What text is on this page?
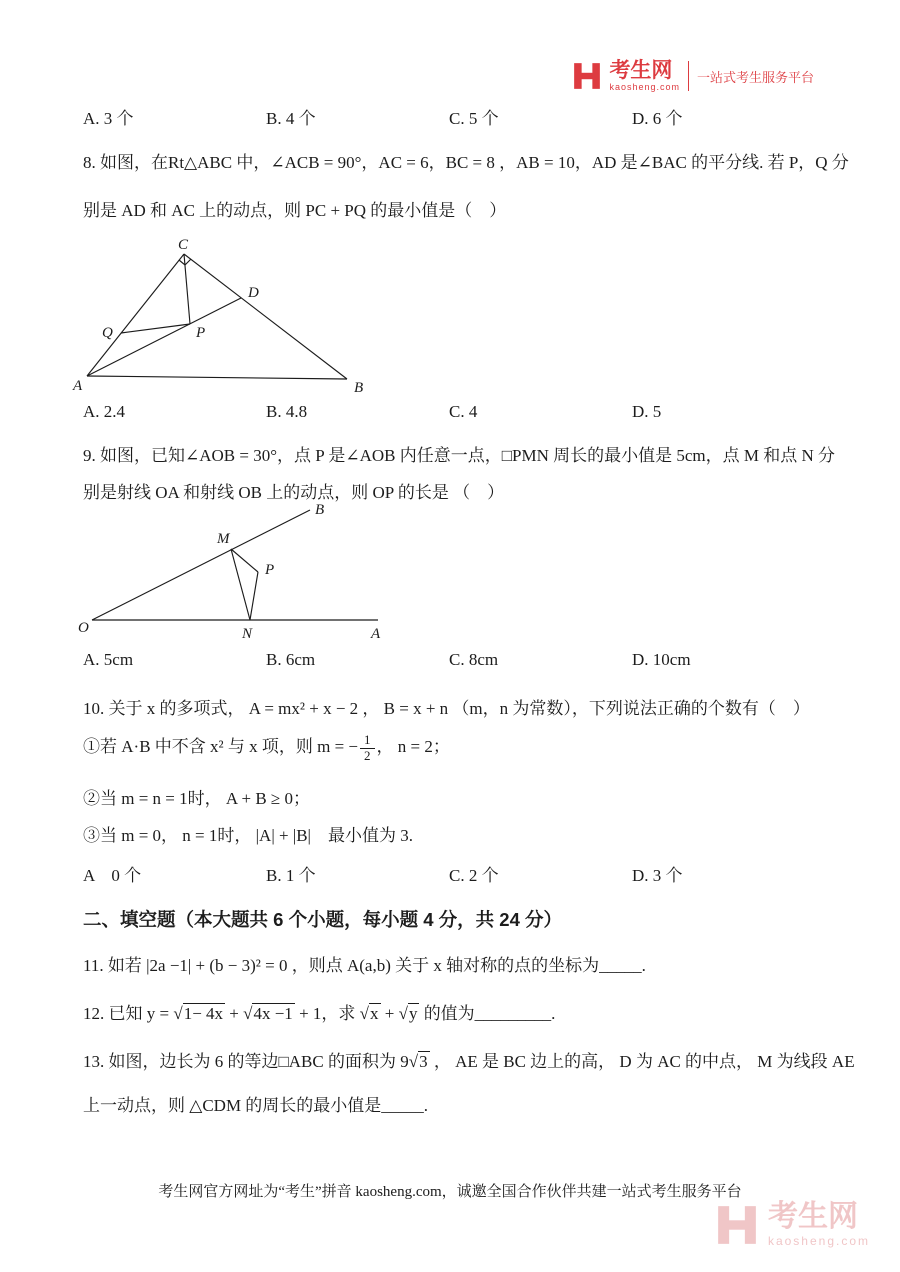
考生网
kaosheng.com
一站式考生服务平台
A. 3 个	B. 4 个	C. 5 个	D. 6 个
8. 如图，在Rt△ABC 中，∠ACB = 90°，AC = 6，BC = 8 ，AB = 10，AD 是∠BAC 的平分线. 若 P，Q 分
别是 AD 和 AC 上的动点，则 PC + PQ 的最小值是（　）
C
D
Q	P
A	B
A. 2.4	B. 4.8	C. 4	D. 5
9. 如图，已知∠AOB = 30°，点 P 是∠AOB 内任意一点，□PMN 周长的最小值是 5cm，点 M 和点 N 分
别是射线 OA 和射线 OB 上的动点，则 OP 的长是 （　）
B
M
P
O	N	A
A. 5cm	B. 6cm	C. 8cm	D. 10cm
10. 关于 x 的多项式， A = mx² + x − 2 ， B = x + n （m，n 为常数），下列说法正确的个数有（　）
①若 A·B 中不含 x² 与 x 项，则 m = − $\frac{1}{2}$ ， n = 2；
②当 m = n = 1时， A + B ≥ 0；
③当 m = 0， n = 1时， |A| + |B|　最小值为 3.
A　0 个	B. 1 个	C. 2 个	D. 3 个
二、填空题（本大题共 6 个小题，每小题 4 分，共 24 分）
11. 如若 |2a −1| + (b − 3)² = 0 ，则点 A(a,b) 关于 x 轴对称的点的坐标为_____.
12. 已知 y = √1− 4x + √4x −1 + 1，求 √x + √y 的值为_________.
13. 如图，边长为 6 的等边□ABC 的面积为 9√3 ， AE 是 BC 边上的高， D 为 AC 的中点， M 为线段 AE
上一动点，则 △CDM 的周长的最小值是_____.
考生网官方网址为“考生”拼音 kaosheng.com，诚邀全国合作伙伴共建一站式考生服务平台
考生网
kaosheng.com
